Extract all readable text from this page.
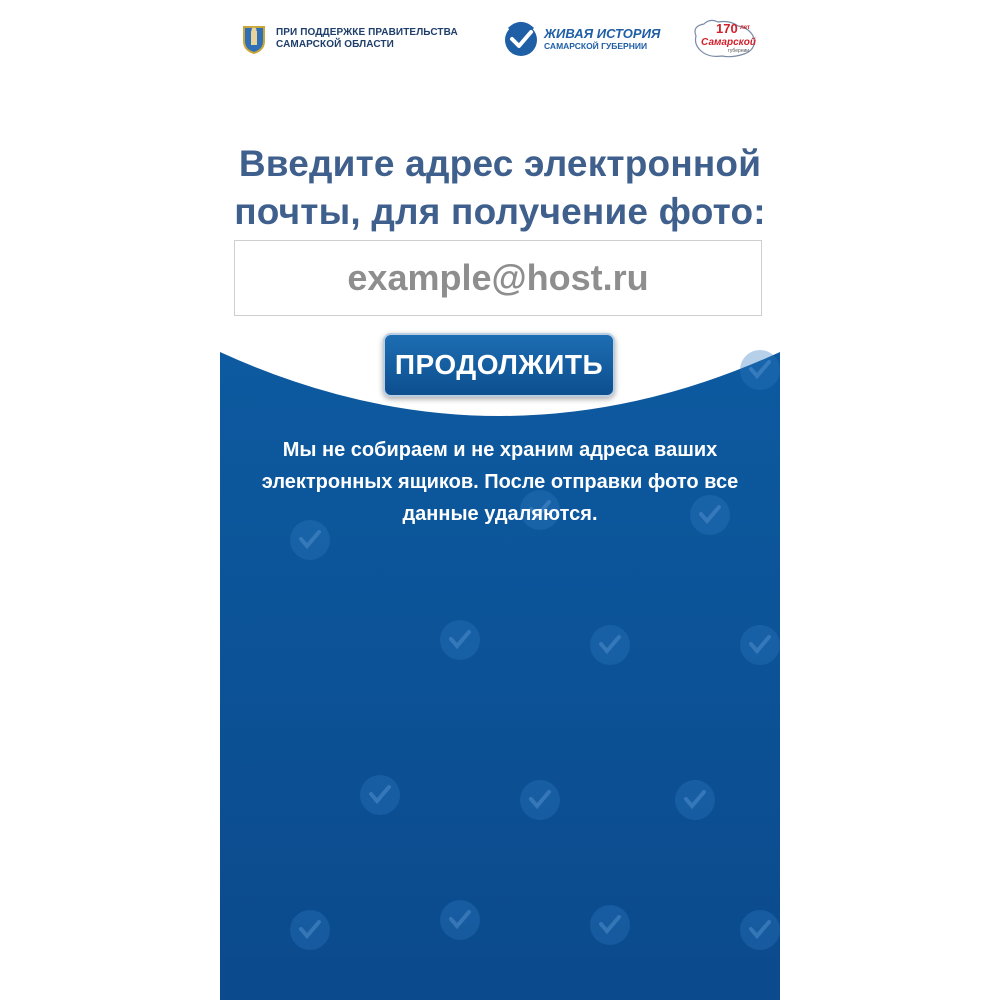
ПРИ ПОДДЕРЖКЕ ПРАВИТЕЛЬСТВА
САМАРСКОЙ ОБЛАСТИ
ЖИВАЯ ИСТОРИЯ
САМАРСКОЙ ГУБЕРНИИ
170 лет
Самарской
губернии
Введите адрес электронной
почты, для получение фото:
example@host.ru
ПРОДОЛЖИТЬ
Мы не собираем и не храним адреса ваших
электронных ящиков. После отправки фото все
данные удаляются.
